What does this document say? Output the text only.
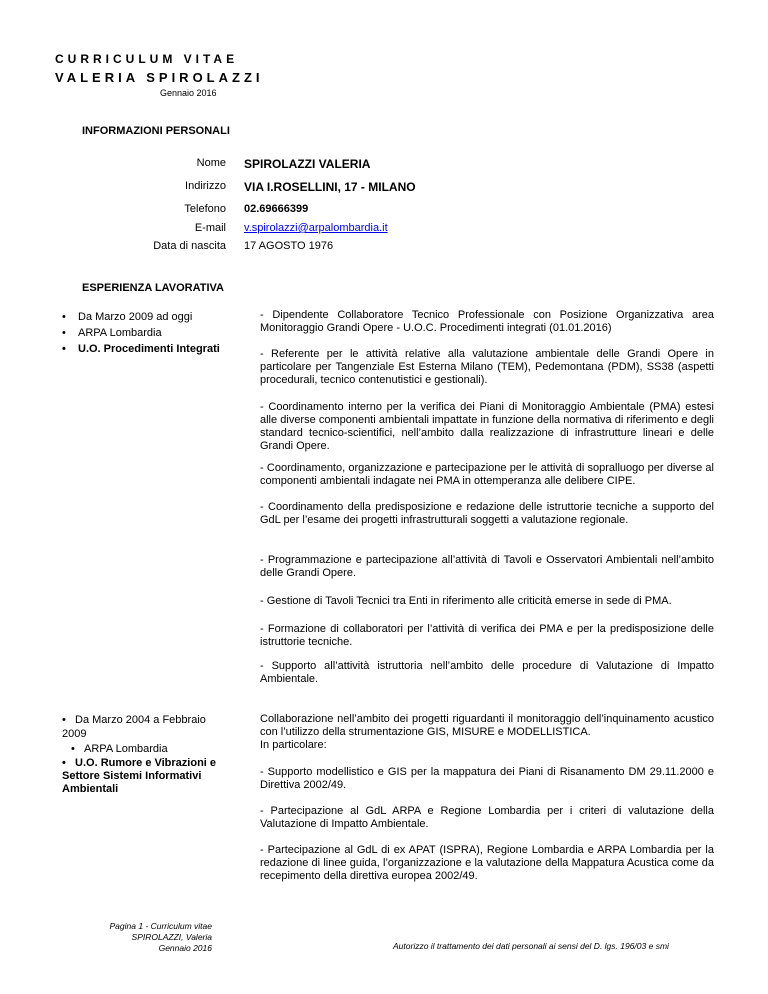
CURRICULUM VITAE
VALERIA SPIROLAZZI
Gennaio 2016
INFORMAZIONI PERSONALI
Nome SPIROLAZZI VALERIA
Indirizzo VIA I.ROSELLINI, 17 - MILANO
Telefono 02.69666399
E-mail v.spirolazzi@arpalombardia.it
Data di nascita 17 AGOSTO 1976
ESPERIENZA LAVORATIVA
• Da Marzo 2009 ad oggi
• ARPA Lombardia
• U.O. Procedimenti Integrati
- Dipendente Collaboratore Tecnico Professionale con Posizione Organizzativa area Monitoraggio Grandi Opere - U.O.C. Procedimenti integrati (01.01.2016)
- Referente per le attività relative alla valutazione ambientale delle Grandi Opere in particolare per Tangenziale Est Esterna Milano (TEM), Pedemontana (PDM), SS38 (aspetti procedurali, tecnico contenutistici e gestionali).
- Coordinamento interno per la verifica dei Piani di Monitoraggio Ambientale (PMA) estesi alle diverse componenti ambientali impattate in funzione della normativa di riferimento e degli standard tecnico-scientifici, nell’ambito dalla realizzazione di infrastrutture lineari e delle Grandi Opere.
- Coordinamento, organizzazione e partecipazione per le attività di sopralluogo per diverse al componenti ambientali indagate nei PMA in ottemperanza alle delibere CIPE.
- Coordinamento della predisposizione e redazione delle istruttorie tecniche a supporto del GdL per l’esame dei progetti infrastrutturali soggetti a valutazione regionale.
- Programmazione e partecipazione all’attività di Tavoli e Osservatori Ambientali nell’ambito delle Grandi Opere.
- Gestione di Tavoli Tecnici tra Enti in riferimento alle criticità emerse in sede di PMA.
- Formazione di collaboratori per l’attività di verifica dei PMA e per la predisposizione delle istruttorie tecniche.
- Supporto all’attività istruttoria nell’ambito delle procedure di Valutazione di Impatto Ambientale.
•   Da Marzo 2004 a Febbraio 2009
•   ARPA Lombardia
•   U.O. Rumore e Vibrazioni e Settore Sistemi Informativi Ambientali
Collaborazione nell’ambito dei progetti riguardanti il monitoraggio dell’inquinamento acustico con l’utilizzo della strumentazione GIS, MISURE e MODELLISTICA.
In particolare:
- Supporto modellistico e GIS per la mappatura dei Piani di Risanamento DM 29.11.2000 e Direttiva 2002/49.
- Partecipazione al GdL ARPA e Regione Lombardia per i criteri di valutazione della Valutazione di Impatto Ambientale.
- Partecipazione al GdL di ex APAT (ISPRA), Regione Lombardia e ARPA Lombardia per la redazione di linee guida, l’organizzazione e la valutazione della Mappatura Acustica come da recepimento della direttiva europea 2002/49.
Pagina 1 - Curriculum vitae
SPIROLAZZI, Valeria
Gennaio 2016	Autorizzo il trattamento dei dati personali ai sensi del D. lgs. 196/03 e smi
